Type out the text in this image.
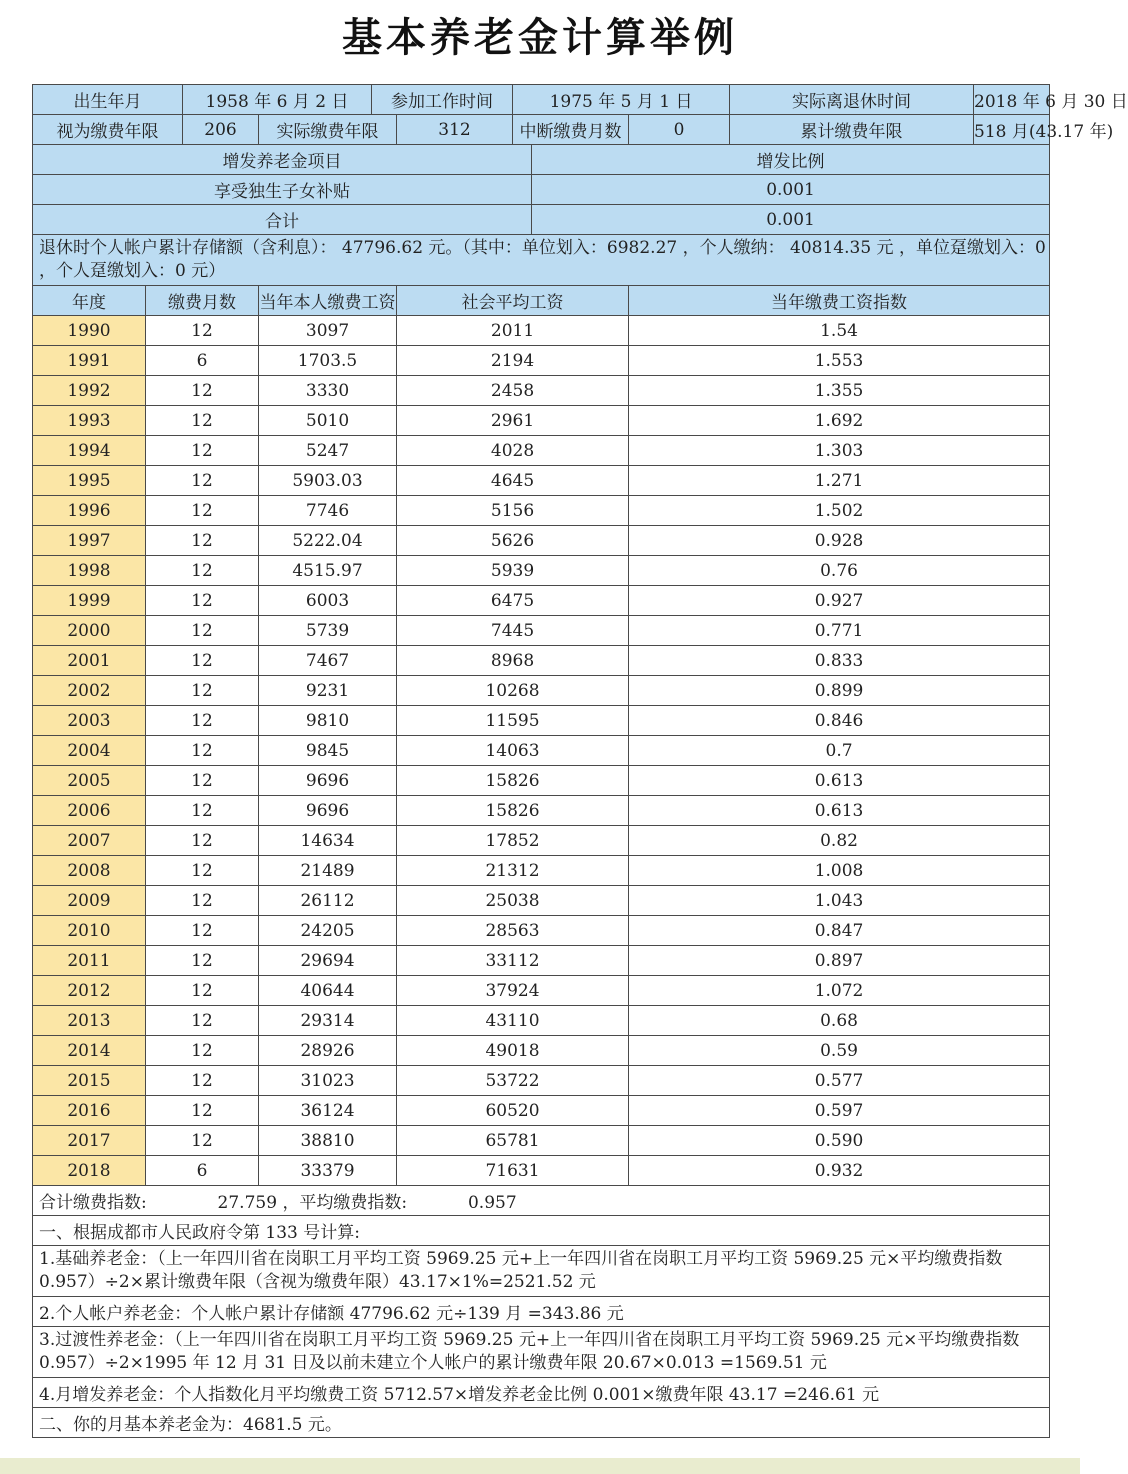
基本养老金计算举例
出生年月		1958 年 6 月 2 日		参加工作时间		1975 年 5 月 1 日			实际离退休时间	2018 年 6 月 30 日
视为缴费年限		206	实际缴费年限		312	中断缴费月数		0	累计缴费年限	518 月(43.17 年)
增发养老金项目							增发比例			
享受独生子女补贴							0.001			
合计							0.001			
退休时个人帐户累计存储额（含利息）： 47796.62 元。（其中：单位划入：6982.27 ，个人缴纳： 40814.35 元 ，单位趸缴划入：0 ，个人趸缴划入：0 元）										
年度	缴费月数		当年本人缴费工资		社会平均工资			当年缴费工资指数		
1990	12		3097		2011			1.54		
1991	6		1703.5		2194			1.553		
1992	12		3330		2458			1.355		
1993	12		5010		2961			1.692		
1994	12		5247		4028			1.303		
1995	12		5903.03		4645			1.271		
1996	12		7746		5156			1.502		
1997	12		5222.04		5626			0.928		
1998	12		4515.97		5939			0.76		
1999	12		6003		6475			0.927		
2000	12		5739		7445			0.771		
2001	12		7467		8968			0.833		
2002	12		9231		10268			0.899		
2003	12		9810		11595			0.846		
2004	12		9845		14063			0.7		
2005	12		9696		15826			0.613		
2006	12		9696		15826			0.613		
2007	12		14634		17852			0.82		
2008	12		21489		21312			1.008		
2009	12		26112		25038			1.043		
2010	12		24205		28563			0.847		
2011	12		29694		33112			0.897		
2012	12		40644		37924			1.072		
2013	12		29314		43110			0.68		
2014	12		28926		49018			0.59		
2015	12		31023		53722			0.577		
2016	12		36124		60520			0.597		
2017	12		38810		65781			0.590		
2018	6		33379		71631			0.932		
合计缴费指数: 27.759 ，平均缴费指数: 0.957										
一、根据成都市人民政府令第 133 号计算:										
1.基础养老金：（上一年四川省在岗职工月平均工资 5969.25 元+上一年四川省在岗职工月平均工资 5969.25 元×平均缴费指数 0.957）÷2×累计缴费年限（含视为缴费年限）43.17×1%=2521.52 元										
2.个人帐户养老金：个人帐户累计存储额 47796.62 元÷139 月 =343.86 元										
3.过渡性养老金：（上一年四川省在岗职工月平均工资 5969.25 元+上一年四川省在岗职工月平均工资 5969.25 元×平均缴费指数 0.957）÷2×1995 年 12 月 31 日及以前未建立个人帐户的累计缴费年限 20.67×0.013 =1569.51 元										
4.月增发养老金：个人指数化月平均缴费工资 5712.57×增发养老金比例 0.001×缴费年限 43.17 =246.61 元										
二、你的月基本养老金为：4681.5 元。										
